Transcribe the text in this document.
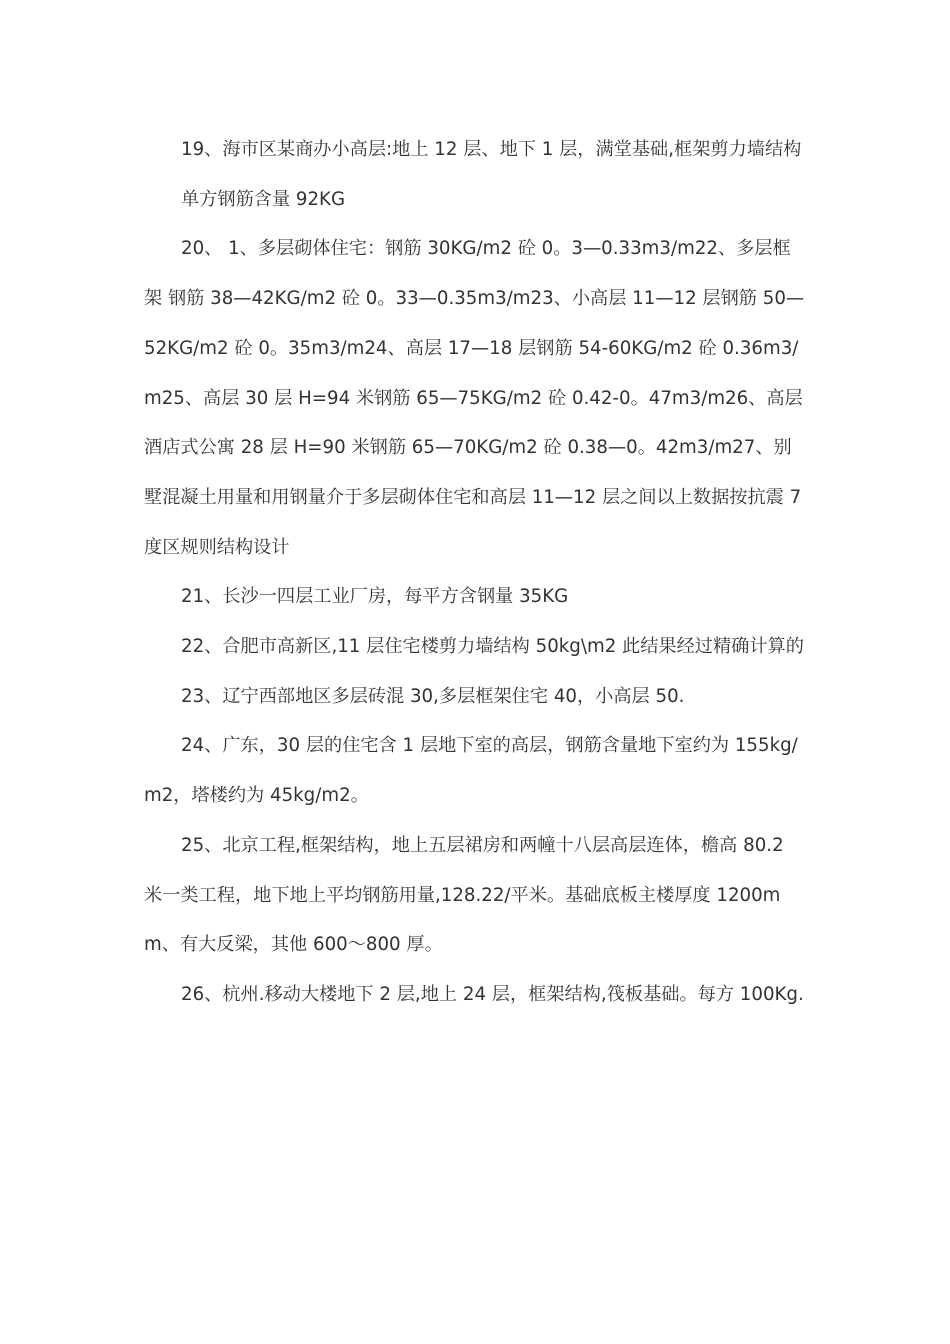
19、海市区某商办小高层:地上 12 层、地下 1 层，满堂基础,框架剪力墙结构

单方钢筋含量 92KG

20、 1、多层砌体住宅：钢筋 30KG/m2 砼 0。3—0.33m3/m22、多层框架 钢筋 38—42KG/m2 砼 0。33—0.35m3/m23、小高层 11—12 层钢筋 50—52KG/m2 砼 0。35m3/m24、高层 17—18 层钢筋 54-60KG/m2 砼 0.36m3/m25、高层 30 层 H=94 米钢筋 65—75KG/m2 砼 0.42-0。47m3/m26、高层酒店式公寓 28 层 H=90 米钢筋 65—70KG/m2 砼 0.38—0。42m3/m27、别墅混凝土用量和用钢量介于多层砌体住宅和高层 11—12 层之间以上数据按抗震 7 度区规则结构设计

21、长沙一四层工业厂房，每平方含钢量 35KG

22、合肥市高新区,11 层住宅楼剪力墙结构 50kg\m2 此结果经过精确计算的

23、辽宁西部地区多层砖混 30,多层框架住宅 40，小高层 50.

24、广东，30 层的住宅含 1 层地下室的高层，钢筋含量地下室约为 155kg/m2，塔楼约为 45kg/m2。

25、北京工程,框架结构，地上五层裙房和两幢十八层高层连体，檐高 80.2 米一类工程，地下地上平均钢筋用量,128.22/平米。基础底板主楼厚度 1200mm、有大反梁，其他 600～800 厚。

26、杭州.移动大楼地下 2 层,地上 24 层，框架结构,筏板基础。每方 100Kg.
